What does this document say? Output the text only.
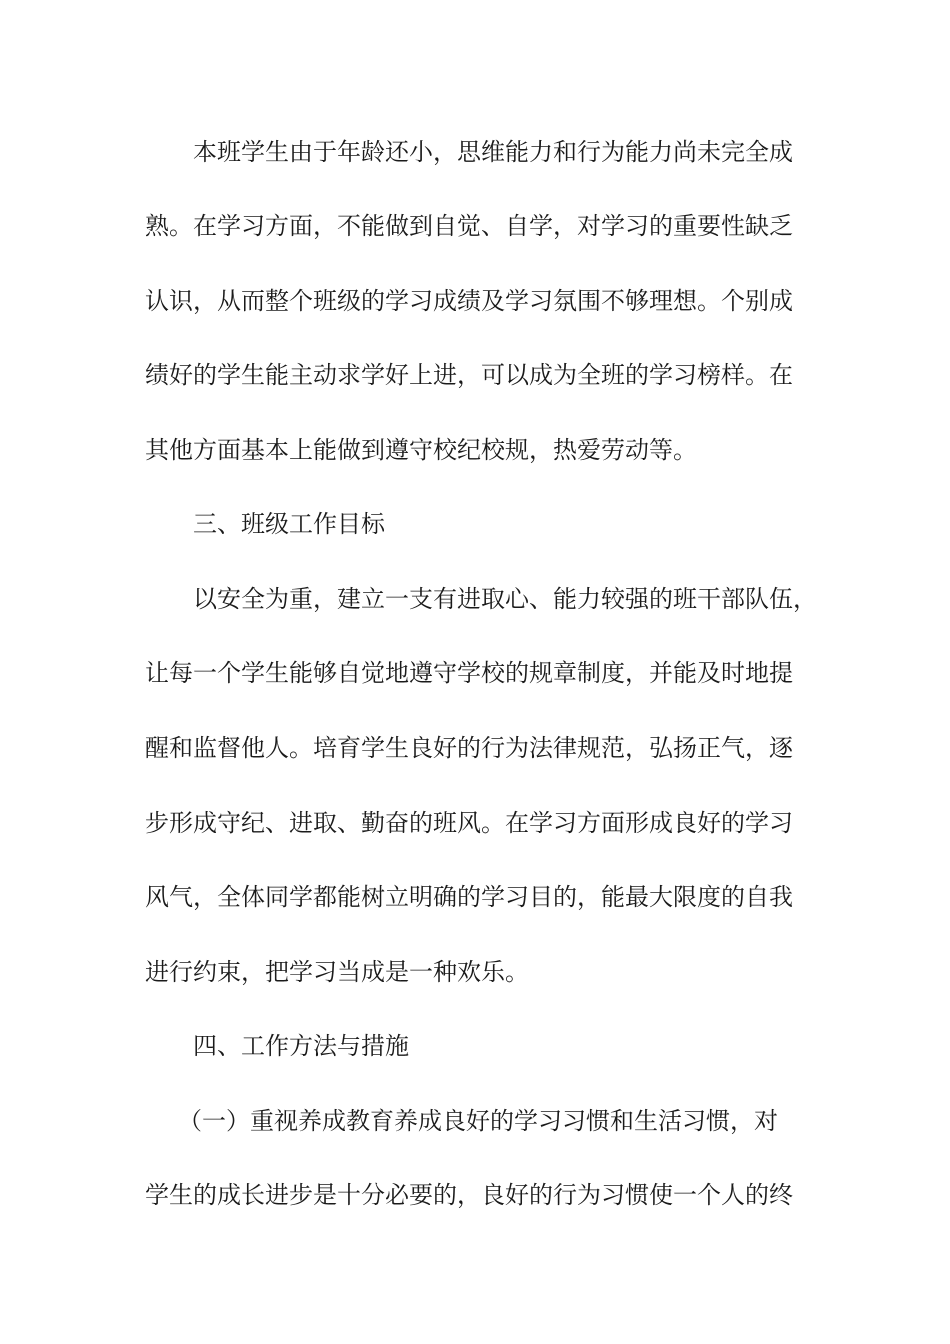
本班学生由于年龄还小，思维能力和行为能力尚未完全成
熟。在学习方面，不能做到自觉、自学，对学习的重要性缺乏
认识，从而整个班级的学习成绩及学习氛围不够理想。个别成
绩好的学生能主动求学好上进，可以成为全班的学习榜样。在
其他方面基本上能做到遵守校纪校规，热爱劳动等。
三、班级工作目标
以安全为重，建立一支有进取心、能力较强的班干部队伍，
让每一个学生能够自觉地遵守学校的规章制度，并能及时地提
醒和监督他人。培育学生良好的行为法律规范，弘扬正气，逐
步形成守纪、进取、勤奋的班风。在学习方面形成良好的学习
风气，全体同学都能树立明确的学习目的，能最大限度的自我
进行约束，把学习当成是一种欢乐。
四、工作方法与措施
（一）重视养成教育养成良好的学习习惯和生活习惯，对
学生的成长进步是十分必要的，良好的行为习惯使一个人的终
